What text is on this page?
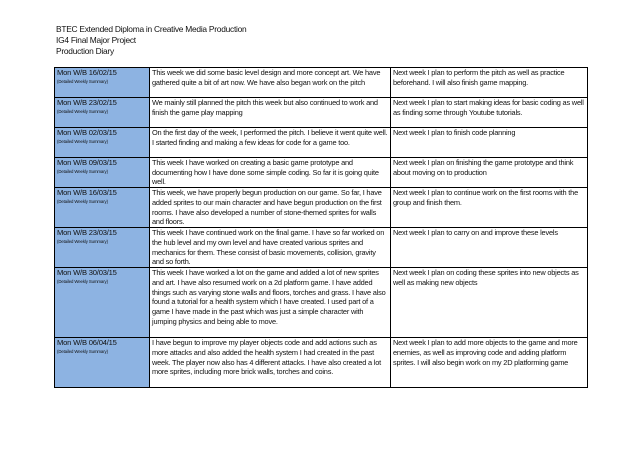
BTEC Extended Diploma in Creative Media Production
IG4 Final Major Project
Production Diary
Mon W/B 16/02/15
(Detailed Weekly Summary)	This week we did some basic level design and more concept art. We have gathered quite a bit of art now. We have also began work on the pitch	Next week I plan to perform the pitch as well as practice beforehand. I will also finish game mapping.

Mon W/B 23/02/15
(Detailed Weekly Summary)	We mainly still planned the pitch this week but also continued to work and finish the game play mapping	Next week I plan to start making ideas for basic coding as well as finding some through Youtube tutorials.

Mon W/B 02/03/15
(Detailed Weekly Summary)	On the first day of the week, I performed the pitch. I believe it went quite well. I started finding and making a few ideas for code for a game too.	Next week I plan to finish code planning

Mon W/B 09/03/15
(Detailed Weekly Summary)	This week I have worked on creating a basic game prototype and documenting how I have done some simple coding. So far it is going quite well.	Next week I plan on finishing the game prototype and think about moving on to production

Mon W/B 16/03/15
(Detailed Weekly Summary)	This week, we have properly begun production on our game. So far, I have added sprites to our main character and have begun production on the first rooms. I have also developed a number of stone-themed sprites for walls and floors.	Next week I plan to continue work on the first rooms with the group and finish them.

Mon W/B 23/03/15
(Detailed Weekly Summary)	This week I have continued work on the final game. I have so far worked on the hub level and my own level and have created various sprites and mechanics for them. These consist of basic movements, collision, gravity and so forth.	Next week I plan to carry on and improve these levels

Mon W/B 30/03/15
(Detailed Weekly Summary)	This week I have worked a lot on the game and added a lot of new sprites and art. I have also resumed work on a 2d platform game. I have added things such as varying stone walls and floors, torches and grass. I have also found a tutorial for a health system which I have created. I used part of a game I have made in the past which was just a simple character with jumping physics and being able to move.	Next week I plan on coding these sprites into new objects as well as making new objects

Mon W/B 06/04/15
(Detailed Weekly Summary)	I have begun to improve my player objects code and add actions such as more attacks and also added the health system I had created in the past week. The player now also has 4 different attacks. I have also created a lot more sprites, including more brick walls, torches and coins.	Next week I plan to add more objects to the game and more enemies, as well as improving code and adding platform sprites. I will also begin work on my 2D platforming game
